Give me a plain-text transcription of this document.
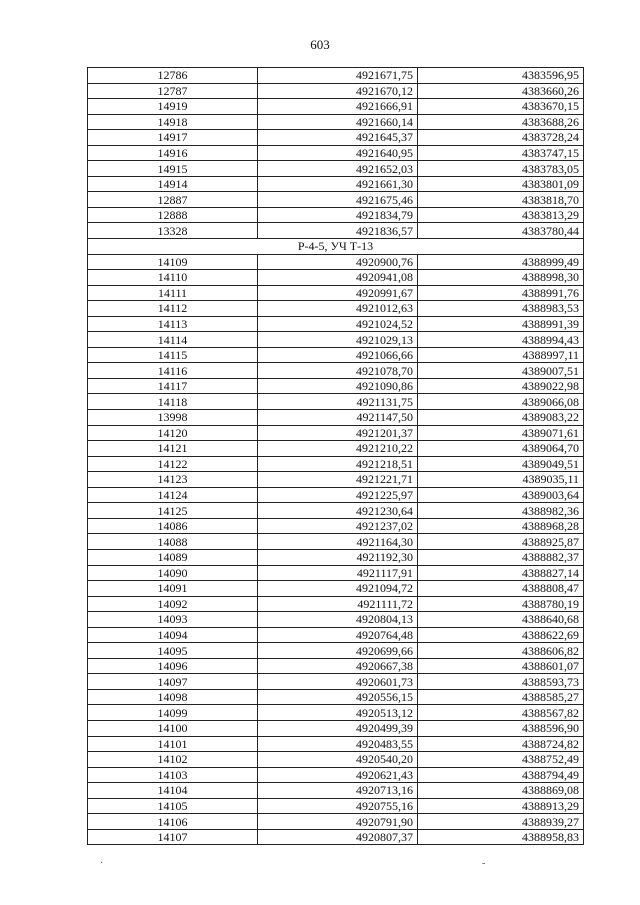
603
12786	4921671,75	4383596,95
12787	4921670,12	4383660,26
14919	4921666,91	4383670,15
14918	4921660,14	4383688,26
14917	4921645,37	4383728,24
14916	4921640,95	4383747,15
14915	4921652,03	4383783,05
14914	4921661,30	4383801,09
12887	4921675,46	4383818,70
12888	4921834,79	4383813,29
13328	4921836,57	4383780,44
Р-4-5, УЧ Т-13		
14109	4920900,76	4388999,49
14110	4920941,08	4388998,30
14111	4920991,67	4388991,76
14112	4921012,63	4388983,53
14113	4921024,52	4388991,39
14114	4921029,13	4388994,43
14115	4921066,66	4388997,11
14116	4921078,70	4389007,51
14117	4921090,86	4389022,98
14118	4921131,75	4389066,08
13998	4921147,50	4389083,22
14120	4921201,37	4389071,61
14121	4921210,22	4389064,70
14122	4921218,51	4389049,51
14123	4921221,71	4389035,11
14124	4921225,97	4389003,64
14125	4921230,64	4388982,36
14086	4921237,02	4388968,28
14088	4921164,30	4388925,87
14089	4921192,30	4388882,37
14090	4921117,91	4388827,14
14091	4921094,72	4388808,47
14092	4921111,72	4388780,19
14093	4920804,13	4388640,68
14094	4920764,48	4388622,69
14095	4920699,66	4388606,82
14096	4920667,38	4388601,07
14097	4920601,73	4388593,73
14098	4920556,15	4388585,27
14099	4920513,12	4388567,82
14100	4920499,39	4388596,90
14101	4920483,55	4388724,82
14102	4920540,20	4388752,49
14103	4920621,43	4388794,49
14104	4920713,16	4388869,08
14105	4920755,16	4388913,29
14106	4920791,90	4388939,27
14107	4920807,37	4388958,83
·	-
